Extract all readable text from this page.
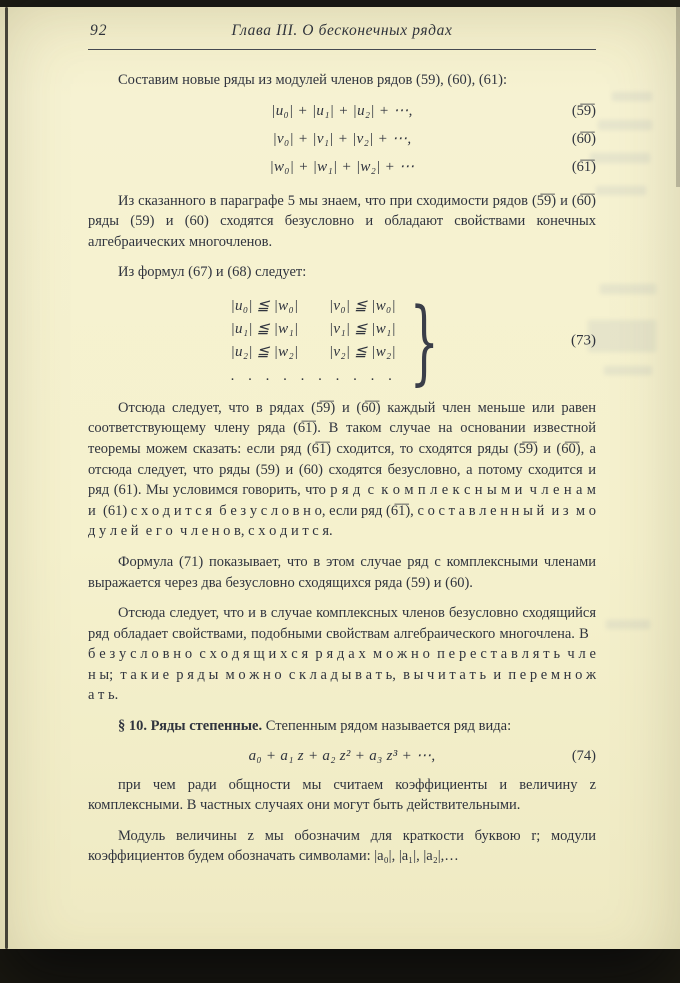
92	Глава III. О бесконечных рядах

Составим новые ряды из модулей членов рядов (59), (60), (61):

|u₀| + |u₁| + |u₂| + ⋯,	(5̅9̅)
|v₀| + |v₁| + |v₂| + ⋯,	(6̅0̅)
|w₀| + |w₁| + |w₂| + ⋯	(6̅1̅)

Из сказанного в параграфе 5 мы знаем, что при сходимости рядов (5̅9̅) и (6̅0̅) ряды (59) и (60) сходятся безусловно и обладают свойствами конечных алгебраических многочленов.

Из формул (67) и (68) следует:

|u₀| ≦ |w₀|  |v₀| ≦ |w₀|
|u₁| ≦ |w₁|  |v₁| ≦ |w₁|
|u₂| ≦ |w₂|  |v₂| ≦ |w₂|
. . . . . . . . . . }	(73)

Отсюда следует, что в рядах (5̅9̅) и (6̅0̅) каждый член меньше или равен соответствующему члену ряда (6̅1̅). В таком случае на основании известной теоремы можем сказать: если ряд (6̅1̅) сходится, то сходятся ряды (5̅9̅) и (6̅0̅), а отсюда следует, что ряды (59) и (60) сходятся безусловно, а потому сходится и ряд (61). Мы условимся говорить, что р я д с к о м п л е к с н ы м и ч л е н а м и (61) с х о д и т с я б е з у с л о в н о, если ряд (6̅1̅), с о с т а в л е н н ы й и з м о д у л е й е г о ч л е н о в, с х о д и т с я.

Формула (71) показывает, что в этом случае ряд с комплексными членами выражается через два безусловно сходящихся ряда (59) и (60).

Отсюда следует, что и в случае комплексных членов безусловно сходящийся ряд обладает свойствами, подобными свойствам алгебраического многочлена. В б е з у с л о в н о с х о д я щ и х с я р я д а х м о ж н о п е р е с т а в л я т ь ч л е н ы; т а к и е р я д ы м о ж н о с к л а д ы в а т ь, в ы ч и т а т ь и п е р е м н о ж а т ь.

§ 10. Ряды степенные. Степенным рядом называется ряд вида:

a₀ + a₁ z + a₂ z² + a₃ z³ + ⋯,	(74)

при чем ради общности мы считаем коэффициенты и величину z комплексными. В частных случаях они могут быть действительными.

Модуль величины z мы обозначим для краткости буквою r; модули коэффициентов будем обозначать символами: |a₀|, |a₁|, |a₂|,…
